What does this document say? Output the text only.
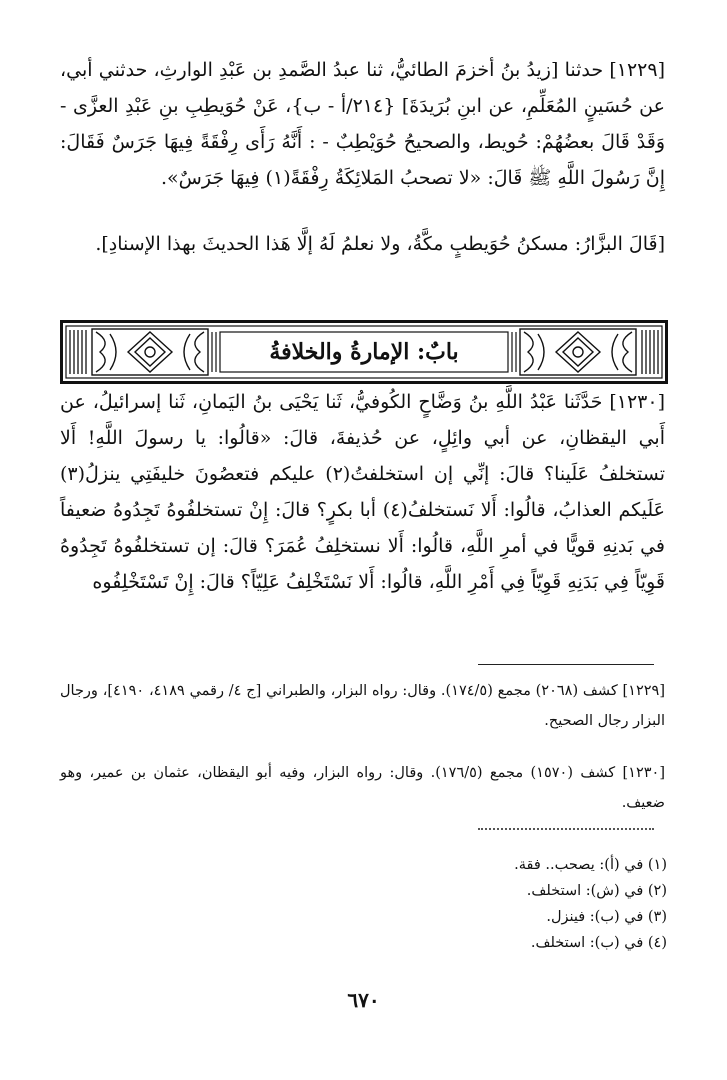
[١٢٢٩] حدثنا [زيدُ بنُ أخزمَ الطائيُّ، ثنا عبدُ الصَّمدِ بن عَبْدِ الوارثِ، حدثني أبي، عن حُسَينٍ المُعَلِّمِ، عن ابنِ بُرَيدَةَ] {٢١٤/أ - ب}، عَنْ حُوَيطِبِ بنِ عَبْدِ العزَّى - وَقَدْ قَالَ بعضُهُمْ: حُويط، والصحيحُ حُوَيْطِبٌ - : أَنَّهُ رَأَى رِفْقَةً فِيهَا جَرَسٌ فَقَالَ: إِنَّ رَسُولَ اللَّهِ ﷺ قَالَ: «لا تصحبُ المَلائِكَةُ رِفْقَةً(١) فِيهَا جَرَسٌ».

[قَالَ البزَّارُ: مسكنُ حُوَيطبٍ مكَّةُ، ولا نعلمُ لَهُ إلَّا هَذا الحديثَ بهذا الإسنادِ].

بابٌ: الإمارةُ والخلافةُ

[١٢٣٠] حَدَّثَنا عَبْدُ اللَّهِ بنُ وَضَّاحٍ الكُوفيُّ، ثَنا يَحْيَى بنُ اليَمانِ، ثَنا إسرائيلُ، عن أَبي اليقظانِ، عن أبي وائِلٍ، عن حُذيفةَ، قالَ: «قالُوا: يا رسولَ اللَّهِ! أَلا تستخلفُ عَلَينا؟ قالَ: إنِّي إن استخلفتُ(٢) عليكم فتعصُونَ خليفَتِي ينزلُ(٣) عَلَيكم العذابُ، قالُوا: أَلا نَستخلفُ(٤) أبا بكرٍ؟ قالَ: إِنْ تستخلفُوهُ تَجِدُوهُ ضعيفاً في بَدنِهِ قويًّا في أمرِ اللَّهِ، قالُوا: أَلا نستخلِفُ عُمَرَ؟ قالَ: إن تستخلفُوهُ تَجِدُوهُ قَوِيّاً فِي بَدَنِهِ قَوِيّاً فِي أَمْرِ اللَّهِ، قالُوا: أَلا نَسْتَخْلِفُ عَلِيّاً؟ قالَ: إِنْ تَسْتَخْلِفُوه

[١٢٢٩] كشف (٢٠٦٨) مجمع (١٧٤/٥). وقال: رواه البزار، والطبراني [ج ٤/ رقمي ٤١٨٩، ٤١٩٠]، ورجال البزار رجال الصحيح.
[١٢٣٠] كشف (١٥٧٠) مجمع (١٧٦/٥). وقال: رواه البزار، وفيه أبو اليقظان، عثمان بن عمير، وهو ضعيف.
(١) في (أ): يصحب.. فقة.
(٢) في (ش): استخلف.
(٣) في (ب): فينزل.
(٤) في (ب): استخلف.
٦٧٠
